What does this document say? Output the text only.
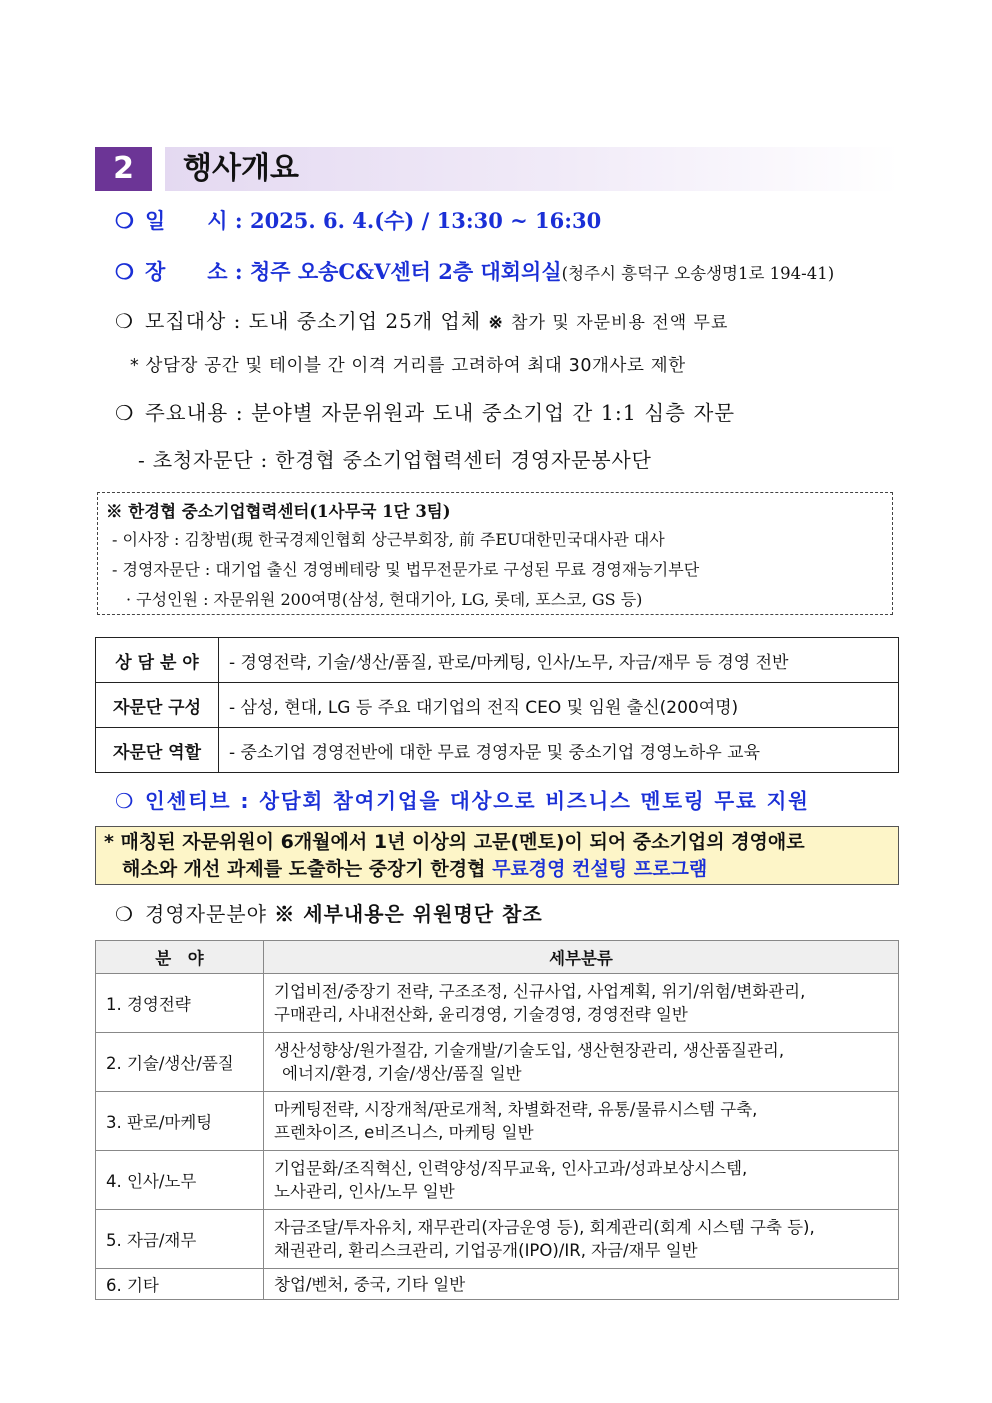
2	행사개요
❍ 일　　시 : 2025. 6. 4.(수) / 13:30 ~ 16:30
❍ 장　　소 : 청주 오송C&V센터 2층 대회의실(청주시 흥덕구 오송생명1로 194-41)
❍ 모집대상 : 도내 중소기업 25개 업체 ※ 참가 및 자문비용 전액 무료
* 상담장 공간 및 테이블 간 이격 거리를 고려하여 최대 30개사로 제한
❍ 주요내용 : 분야별 자문위원과 도내 중소기업 간 1:1 심층 자문
- 초청자문단 : 한경협 중소기업협력센터 경영자문봉사단
※ 한경협 중소기업협력센터(1사무국 1단 3팀)
- 이사장 : 김창범(現 한국경제인협회 상근부회장, 前 주EU대한민국대사관 대사
- 경영자문단 : 대기업 출신 경영베테랑 및 법무전문가로 구성된 무료 경영재능기부단
· 구성인원 : 자문위원 200여명(삼성, 현대기아, LG, 롯데, 포스코, GS 등)
상 담 분 야	- 경영전략, 기술/생산/품질, 판로/마케팅, 인사/노무, 자금/재무 등 경영 전반
자문단 구성	- 삼성, 현대, LG 등 주요 대기업의 전직 CEO 및 임원 출신(200여명)
자문단 역할	- 중소기업 경영전반에 대한 무료 경영자문 및 중소기업 경영노하우 교육
❍ 인센티브 : 상담회 참여기업을 대상으로 비즈니스 멘토링 무료 지원
* 매칭된 자문위원이 6개월에서 1년 이상의 고문(멘토)이 되어 중소기업의 경영애로
해소와 개선 과제를 도출하는 중장기 한경협 무료경영 컨설팅 프로그램
❍ 경영자문분야 ※ 세부내용은 위원명단 참조
분　야	세부분류
1. 경영전략	기업비전/중장기 전략, 구조조정, 신규사업, 사업계획, 위기/위험/변화관리,
구매관리, 사내전산화, 윤리경영, 기술경영, 경영전략 일반

2. 기술/생산/품질	생산성향상/원가절감, 기술개발/기술도입, 생산현장관리, 생산품질관리,
에너지/환경, 기술/생산/품질 일반

3. 판로/마케팅	마케팅전략, 시장개척/판로개척, 차별화전략, 유통/물류시스템 구축,
프렌차이즈, e비즈니스, 마케팅 일반

4. 인사/노무	기업문화/조직혁신, 인력양성/직무교육, 인사고과/성과보상시스템,
노사관리, 인사/노무 일반

5. 자금/재무	자금조달/투자유치, 재무관리(자금운영 등), 회계관리(회계 시스템 구축 등),
채권관리, 환리스크관리, 기업공개(IPO)/IR, 자금/재무 일반

6. 기타	창업/벤처, 중국, 기타 일반
